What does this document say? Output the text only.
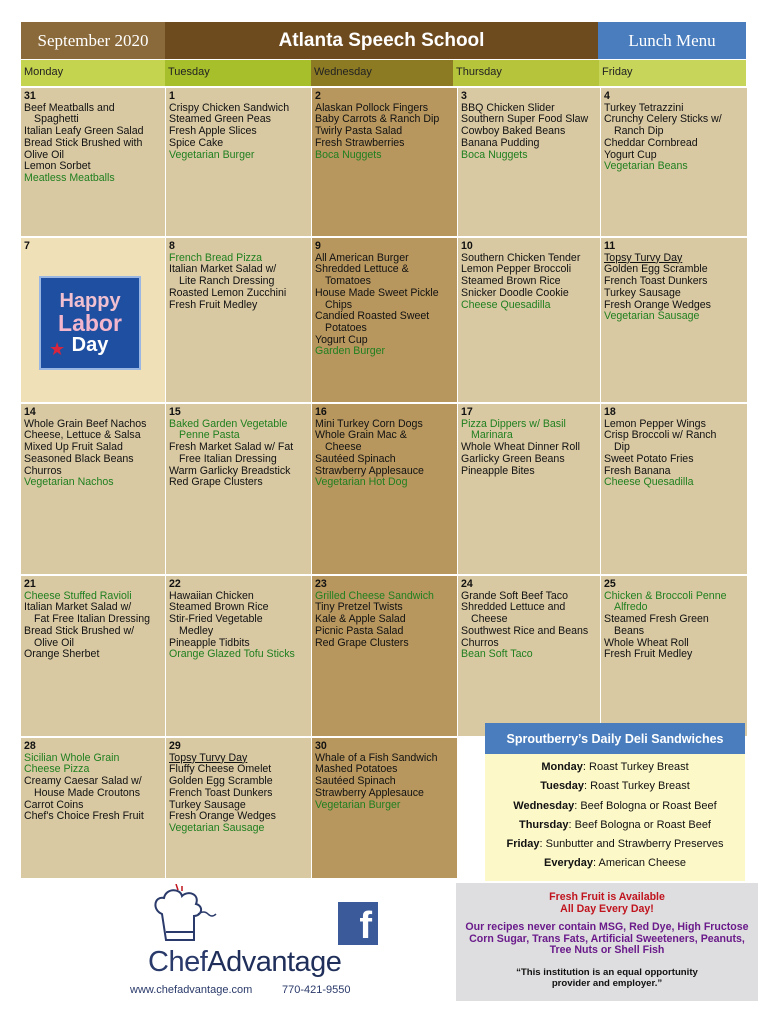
September 2020	Atlanta Speech School	Lunch Menu
Monday	Tuesday	Wednesday	Thursday	Friday
31
Beef Meatballs and
Spaghetti
Italian Leafy Green Salad
Bread Stick Brushed with
Olive Oil
Lemon Sorbet
Meatless Meatballs
1
Crispy Chicken Sandwich
Steamed Green Peas
Fresh Apple Slices
Spice Cake
Vegetarian Burger
2
Alaskan Pollock Fingers
Baby Carrots & Ranch Dip
Twirly Pasta Salad
Fresh Strawberries
Boca Nuggets
3
BBQ Chicken Slider
Southern Super Food Slaw
Cowboy Baked Beans
Banana Pudding
Boca Nuggets
4
Turkey Tetrazzini
Crunchy Celery Sticks w/
Ranch Dip
Cheddar Cornbread
Yogurt Cup
Vegetarian Beans
7
Happy
Labor
Day
★
8
French Bread Pizza
Italian Market Salad w/
Lite Ranch Dressing
Roasted Lemon Zucchini
Fresh Fruit Medley
9
All American Burger
Shredded Lettuce &
Tomatoes
House Made Sweet Pickle
Chips
Candied Roasted Sweet
Potatoes
Yogurt Cup
Garden Burger
10
Southern Chicken Tender
Lemon Pepper Broccoli
Steamed Brown Rice
Snicker Doodle Cookie
Cheese Quesadilla
11
Topsy Turvy Day
Golden Egg Scramble
French Toast Dunkers
Turkey Sausage
Fresh Orange Wedges
Vegetarian Sausage
14
Whole Grain Beef Nachos
Cheese, Lettuce & Salsa
Mixed Up Fruit Salad
Seasoned Black Beans
Churros
Vegetarian Nachos
15
Baked Garden Vegetable
Penne Pasta
Fresh Market Salad w/ Fat
Free Italian Dressing
Warm Garlicky Breadstick
Red Grape Clusters
16
Mini Turkey Corn Dogs
Whole Grain Mac &
Cheese
Sautéed Spinach
Strawberry Applesauce
Vegetarian Hot Dog
17
Pizza Dippers w/ Basil
Marinara
Whole Wheat Dinner Roll
Garlicky Green Beans
Pineapple Bites
18
Lemon Pepper Wings
Crisp Broccoli w/ Ranch
Dip
Sweet Potato Fries
Fresh Banana
Cheese Quesadilla
21
Cheese Stuffed Ravioli
Italian Market Salad w/
Fat Free Italian Dressing
Bread Stick Brushed w/
Olive Oil
Orange Sherbet
22
Hawaiian Chicken
Steamed Brown Rice
Stir-Fried Vegetable
Medley
Pineapple Tidbits
Orange Glazed Tofu Sticks
23
Grilled Cheese Sandwich
Tiny Pretzel Twists
Kale & Apple Salad
Picnic Pasta Salad
Red Grape Clusters
24
Grande Soft Beef Taco
Shredded Lettuce and
Cheese
Southwest Rice and Beans
Churros
Bean Soft Taco
25
Chicken & Broccoli Penne
Alfredo
Steamed Fresh Green
Beans
Whole Wheat Roll
Fresh Fruit Medley
28
Sicilian Whole Grain
Cheese Pizza
Creamy Caesar Salad w/
House Made Croutons
Carrot Coins
Chef's Choice Fresh Fruit
29
Topsy Turvy Day
Fluffy Cheese Omelet
Golden Egg Scramble
French Toast Dunkers
Turkey Sausage
Fresh Orange Wedges
Vegetarian Sausage
30
Whale of a Fish Sandwich
Mashed Potatoes
Sautéed Spinach
Strawberry Applesauce
Vegetarian Burger
Sproutberry’s Daily Deli Sandwiches
Monday: Roast Turkey Breast
Tuesday: Roast Turkey Breast
Wednesday: Beef Bologna or Roast Beef
Thursday: Beef Bologna or Roast Beef
Friday: Sunbutter and Strawberry Preserves
Everyday: American Cheese
ChefAdvantage
f
www.chefadvantage.com	770-421-9550
Fresh Fruit is Available
All Day Every Day!
Our recipes never contain MSG, Red Dye, High Fructose Corn Sugar, Trans Fats, Artificial Sweeteners, Peanuts, Tree Nuts or Shell Fish
“This institution is an equal opportunity
provider and employer.”
